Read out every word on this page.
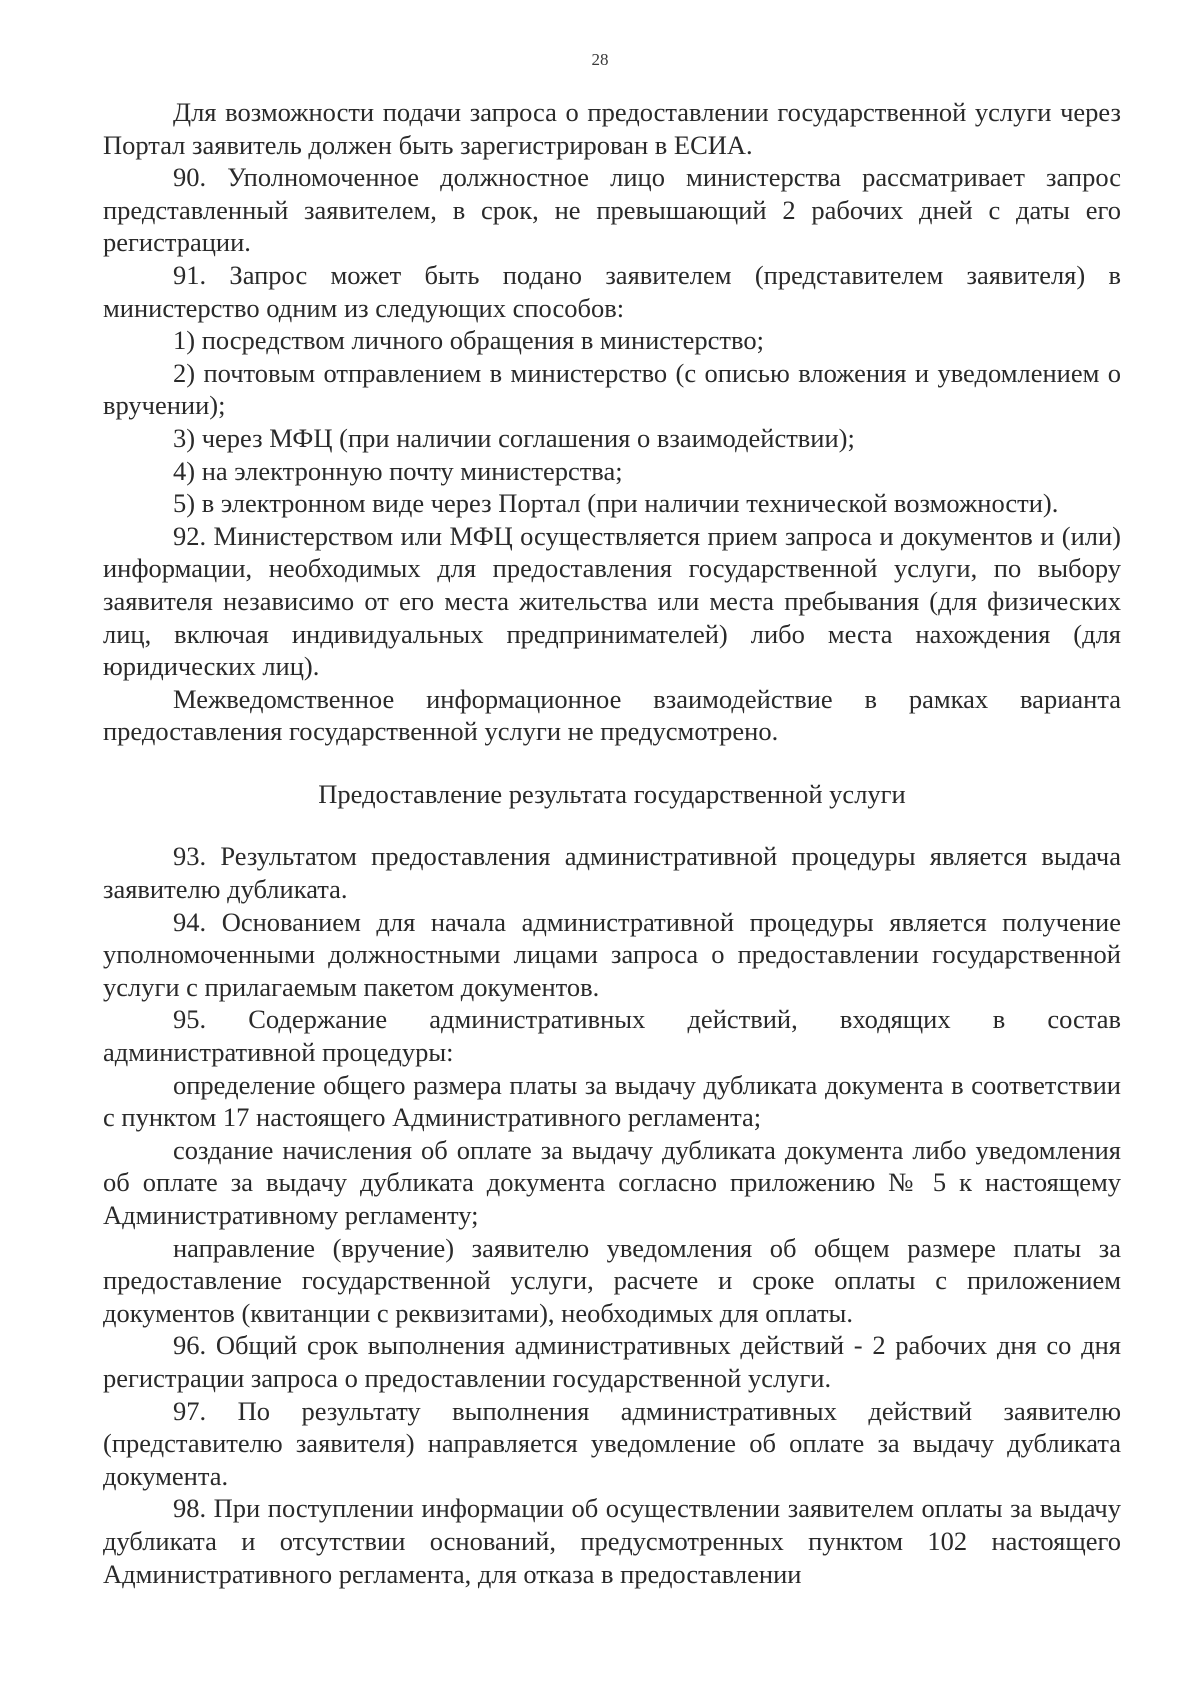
28

Для возможности подачи запроса о предоставлении государственной услуги через Портал заявитель должен быть зарегистрирован в ЕСИА.

90. Уполномоченное должностное лицо министерства рассматривает запрос представленный заявителем, в срок, не превышающий 2 рабочих дней с даты его регистрации.

91. Запрос может быть подано заявителем (представителем заявителя) в министерство одним из следующих способов:

1) посредством личного обращения в министерство;

2) почтовым отправлением в министерство (с описью вложения и уведомлением о вручении);

3) через МФЦ (при наличии соглашения о взаимодействии);

4) на электронную почту министерства;

5) в электронном виде через Портал (при наличии технической возможности).

92. Министерством или МФЦ осуществляется прием запроса и документов и (или) информации, необходимых для предоставления государственной услуги, по выбору заявителя независимо от его места жительства или места пребывания (для физических лиц, включая индивидуальных предпринимателей) либо места нахождения (для юридических лиц).

Межведомственное информационное взаимодействие в рамках варианта предоставления государственной услуги не предусмотрено.

Предоставление результата государственной услуги

93. Результатом предоставления административной процедуры является выдача заявителю дубликата.

94. Основанием для начала административной процедуры является получение уполномоченными должностными лицами запроса о предоставлении государственной услуги с прилагаемым пакетом документов.

95. Содержание административных действий, входящих в состав административной процедуры:

определение общего размера платы за выдачу дубликата документа в соответствии с пунктом 17 настоящего Административного регламента;

создание начисления об оплате за выдачу дубликата документа либо уведомления об оплате за выдачу дубликата документа согласно приложению № 5 к настоящему Административному регламенту;

направление (вручение) заявителю уведомления об общем размере платы за предоставление государственной услуги, расчете и сроке оплаты с приложением документов (квитанции с реквизитами), необходимых для оплаты.

96. Общий срок выполнения административных действий - 2 рабочих дня со дня регистрации запроса о предоставлении государственной услуги.

97. По результату выполнения административных действий заявителю (представителю заявителя) направляется уведомление об оплате за выдачу дубликата документа.

98. При поступлении информации об осуществлении заявителем оплаты за выдачу дубликата и отсутствии оснований, предусмотренных пунктом 102 настоящего Административного регламента, для отказа в предоставлении
